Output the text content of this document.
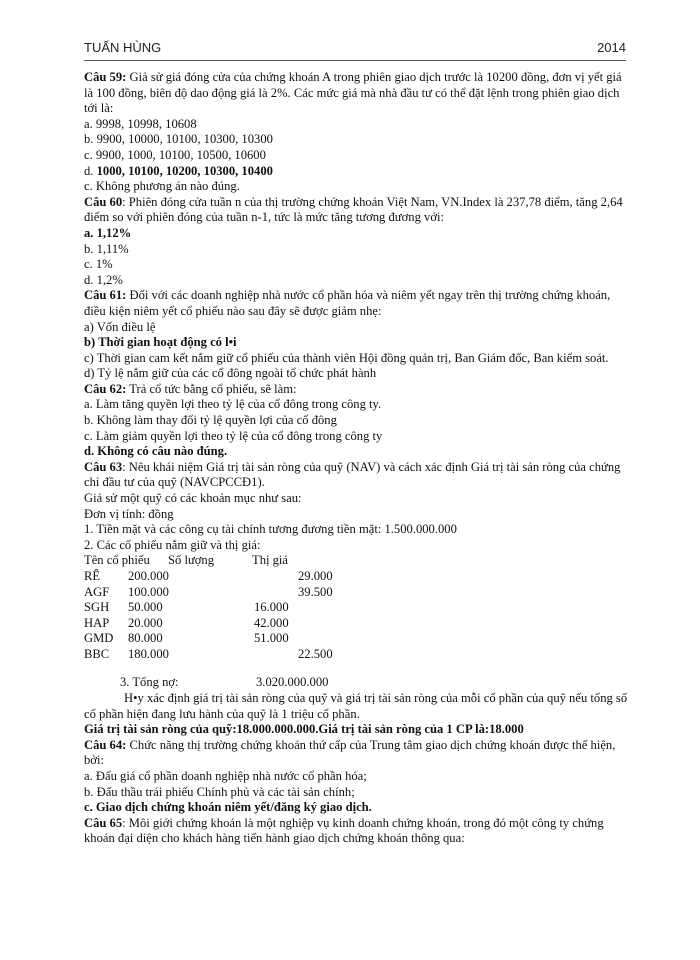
TUẤN HÙNG	2014

Câu 59: Giả sử giá đóng cửa của chứng khoán A trong phiên giao dịch trước là 10200 đồng, đơn vị yết giá là 100 đồng, biên độ dao động giá là 2%. Các mức giá mà nhà đầu tư có thể đặt lệnh trong phiên giao dịch tới là:

a. 9998, 10998, 10608

b. 9900, 10000, 10100, 10300, 10300

c. 9900, 1000, 10100, 10500, 10600

d. 1000, 10100, 10200, 10300, 10400

c. Không phương án nào đúng.

Câu 60: Phiên đóng cửa tuần n của thị trường chứng khoán Việt Nam, VN.Index là 237,78 điểm, tăng 2,64 điểm so với phiên đóng của tuần n-1, tức là mức tăng tương đương với:

a. 1,12%

b. 1,11%

c. 1%

d. 1,2%

Câu 61: Đối với các doanh nghiệp nhà nước cổ phần hóa và niêm yết ngay trên thị trường chứng khoán, điều kiện niêm yết cổ phiếu nào sau đây sẽ được giảm nhẹ:

a) Vốn điều lệ

b) Thời gian hoạt động có l•i

c) Thời gian cam kết nắm giữ cổ phiếu của thành viên Hội đồng quản trị, Ban Giám đốc, Ban kiểm soát.

d) Tỷ lệ nắm giữ của các cổ đông ngoài tổ chức phát hành

Câu 62: Trả cổ tức bằng cổ phiếu, sẽ làm:

a. Làm tăng quyền lợi theo tỷ lệ của cổ đông trong công ty.

b. Không làm thay đổi tỷ lệ quyền lợi của cổ đông

c. Làm giảm quyền lợi theo tỷ lệ của cổ đông trong công ty

d. Không có câu nào đúng.

Câu 63: Nêu khái niệm Giá trị tài sản ròng của quỹ (NAV) và cách xác định Giá trị tài sản ròng của chứng chỉ đầu tư của quỹ (NAVCPCCĐ1).

Giả sử một quỹ có các khoản mục như sau:

Đơn vị tính: đồng

1. Tiền mặt và các công cụ tài chính tương đương tiền mặt: 1.500.000.000

2. Các cổ phiếu nắm giữ và thị giá:

Tên cổ phiếu Số lượng	Thị giá
RÊ 200.000	29.000
AGF 100.000	39.500
SGH 50.000	16.000
HAP 20.000	42.000
GMD 80.000	51.000
BBC 180.000	22.500

3. Tổng nợ:	3.020.000.000

H•y xác định giá trị tài sản ròng của quỹ và giá trị tài sản ròng của mỗi cổ phần của quỹ nếu tổng số cổ phần hiện đang lưu hành của quỹ là 1 triệu cổ phần.

Giá trị tài sản ròng của quỹ:18.000.000.000.Giá trị tài sản ròng của 1 CP là:18.000

Câu 64: Chức năng thị trường chứng khoán thứ cấp của Trung tâm giao dịch chứng khoán được thể hiện, bởi:

a. Đấu giá cổ phần doanh nghiệp nhà nước cổ phần hóa;

b. Đấu thầu trái phiếu Chính phủ và các tài sản chính;

c. Giao dịch chứng khoán niêm yết/đăng ký giao dịch.

Câu 65: Môi giới chứng khoán là một nghiệp vụ kinh doanh chứng khoán, trong đó một công ty chứng khoán đại diện cho khách hàng tiến hành giao dịch chứng khoán thông qua:
